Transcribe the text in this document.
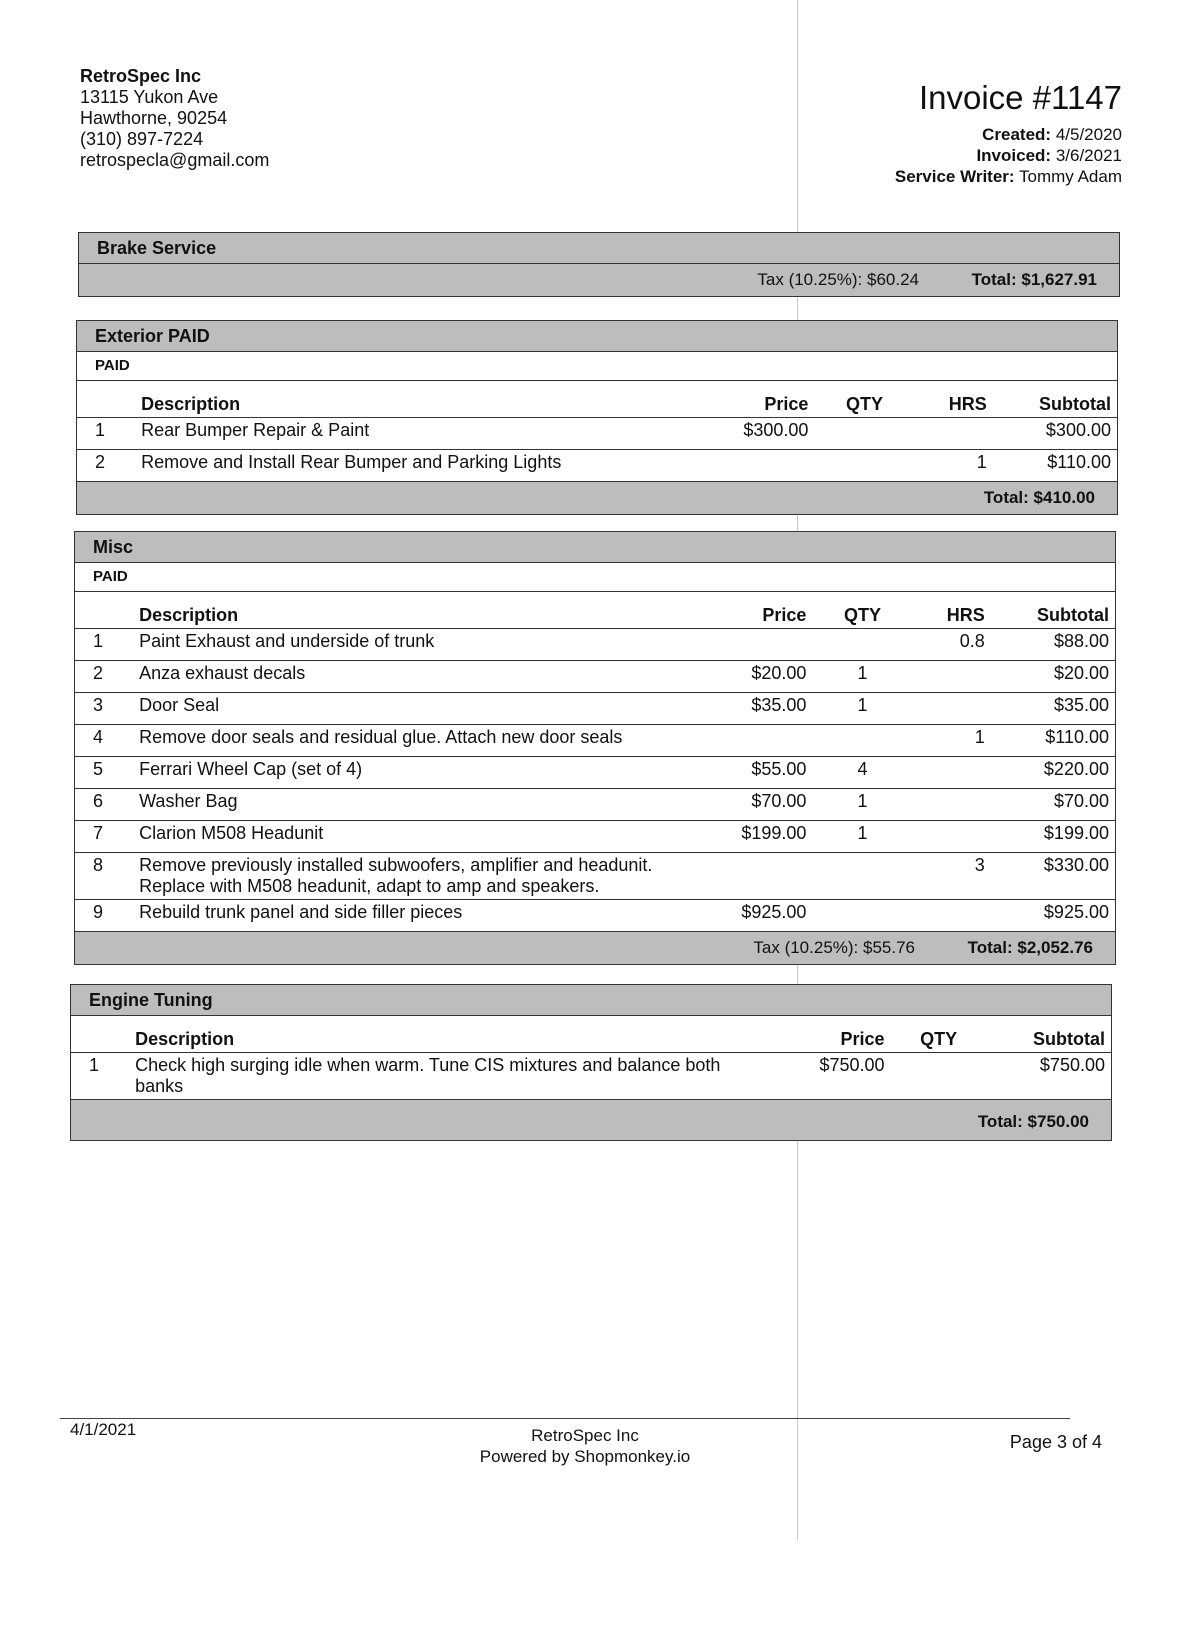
RetroSpec Inc
13115 Yukon Ave
Hawthorne, 90254
(310) 897-7224
retrospecla@gmail.com
Invoice #1147
Created: 4/5/2020
Invoiced: 3/6/2021
Service Writer: Tommy Adam
Brake Service
Tax (10.25%): $60.24	Total: $1,627.91
Exterior PAID
PAID
	Description	Price	QTY	HRS	Subtotal
1	Rear Bumper Repair & Paint	$300.00			$300.00
2	Remove and Install Rear Bumper and Parking Lights			1	$110.00
Total: $410.00
Misc
PAID
	Description	Price	QTY	HRS	Subtotal
1	Paint Exhaust and underside of trunk			0.8	$88.00
2	Anza exhaust decals	$20.00	1		$20.00
3	Door Seal	$35.00	1		$35.00
4	Remove door seals and residual glue. Attach new door seals			1	$110.00
5	Ferrari Wheel Cap (set of 4)	$55.00	4		$220.00
6	Washer Bag	$70.00	1		$70.00
7	Clarion M508 Headunit	$199.00	1		$199.00
8	Remove previously installed subwoofers, amplifier and headunit. Replace with M508 headunit, adapt to amp and speakers.			3	$330.00
9	Rebuild trunk panel and side filler pieces	$925.00			$925.00
Tax (10.25%): $55.76	Total: $2,052.76
Engine Tuning
	Description	Price	QTY	Subtotal
1	Check high surging idle when warm. Tune CIS mixtures and balance both banks	$750.00		$750.00
Total: $750.00
4/1/2021	RetroSpec Inc
Powered by Shopmonkey.io
Page 3 of 4
